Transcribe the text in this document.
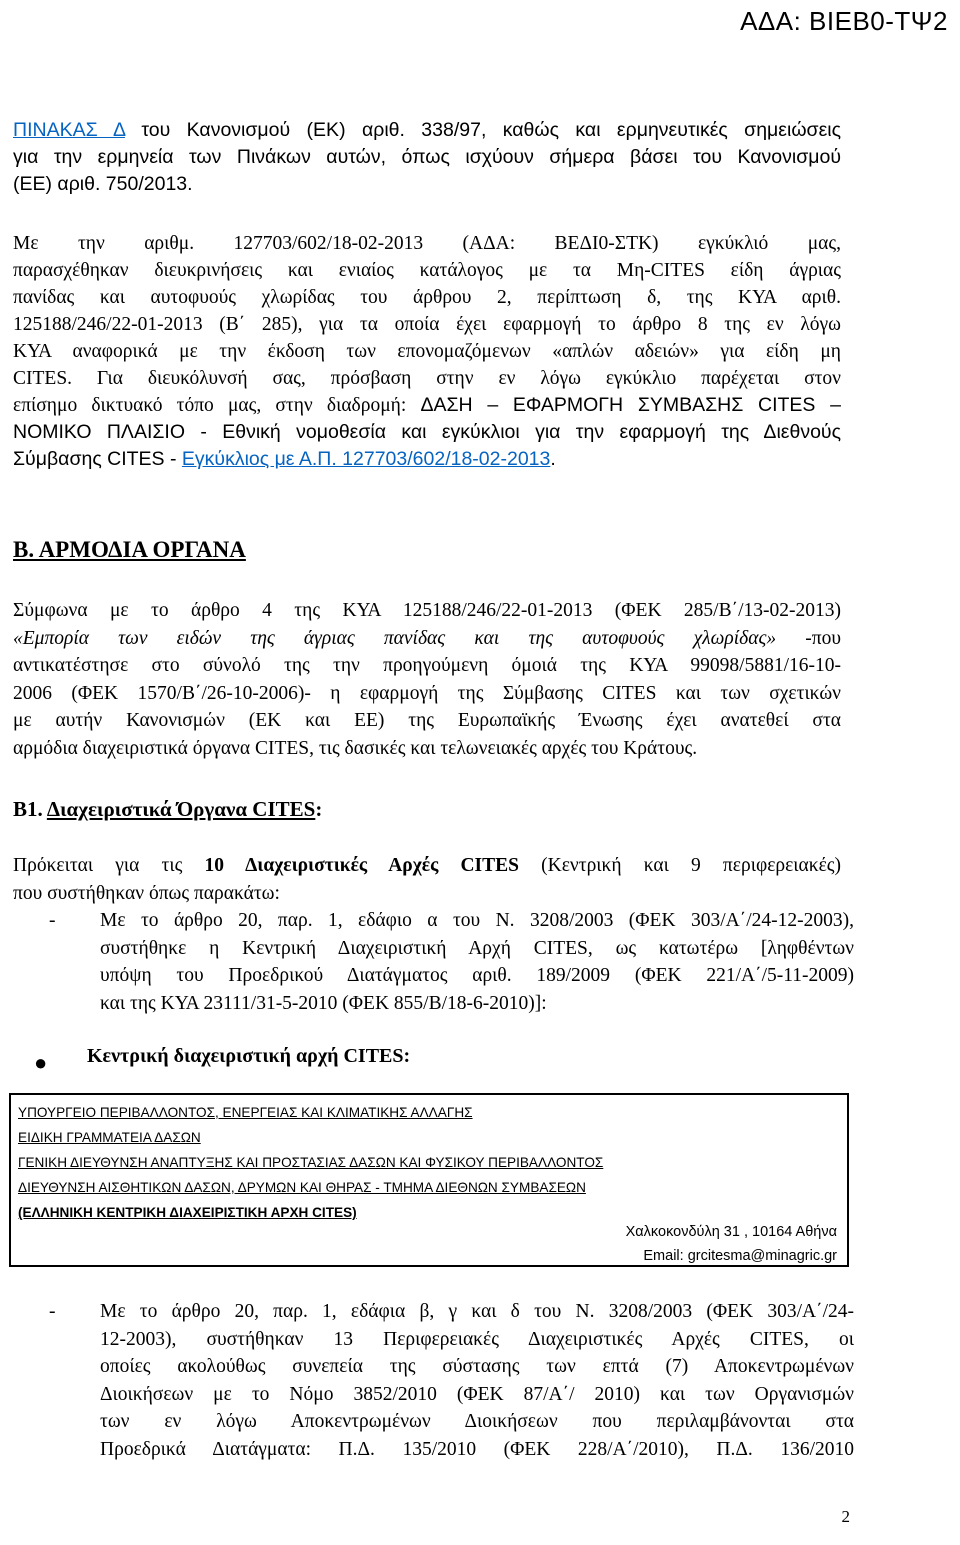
ΑΔΑ: ΒΙΕΒ0-ΤΨ2
ΠΙΝΑΚΑΣ Δ του Κανονισμού (ΕΚ) αριθ. 338/97, καθώς και ερμηνευτικές σημειώσεις
για την ερμηνεία των Πινάκων αυτών, όπως ισχύουν σήμερα βάσει του Κανονισμού
(ΕΕ) αριθ. 750/2013.
Με την αριθμ. 127703/602/18-02-2013 (ΑΔΑ: ΒΕΔΙ0-ΣΤΚ) εγκύκλιό μας,
παρασχέθηκαν διευκρινήσεις και ενιαίος κατάλογος με τα Μη-CITES είδη άγριας
πανίδας και αυτοφυούς χλωρίδας του άρθρου 2, περίπτωση δ, της ΚΥΑ αριθ.
125188/246/22-01-2013 (Β΄ 285), για τα οποία έχει εφαρμογή το άρθρο 8 της εν λόγω
ΚΥΑ αναφορικά με την έκδοση των επονομαζόμενων «απλών αδειών» για είδη μη
CITES. Για διευκόλυνσή σας, πρόσβαση στην εν λόγω εγκύκλιο παρέχεται στον
επίσημο δικτυακό τόπο μας, στην διαδρομή: ΔΑΣΗ – ΕΦΑΡΜΟΓΗ ΣΥΜΒΑΣΗΣ CITES –
ΝΟΜΙΚΟ ΠΛΑΙΣΙΟ - Εθνική νομοθεσία και εγκύκλιοι για την εφαρμογή της Διεθνούς
Σύμβασης CITES - Εγκύκλιος με Α.Π. 127703/602/18-02-2013.
Β. ΑΡΜΟΔΙΑ ΟΡΓΑΝΑ
Σύμφωνα με το άρθρο 4 της ΚΥΑ 125188/246/22-01-2013 (ΦΕΚ 285/Β΄/13-02-2013)
«Εμπορία των ειδών της άγριας πανίδας και της αυτοφυούς χλωρίδας» -που
αντικατέστησε στο σύνολό της την προηγούμενη όμοιά της ΚΥΑ 99098/5881/16-10-
2006 (ΦΕΚ 1570/Β΄/26-10-2006)- η εφαρμογή της Σύμβασης CITES και των σχετικών
με αυτήν Κανονισμών (ΕΚ και ΕΕ) της Ευρωπαϊκής Ένωσης έχει ανατεθεί στα
αρμόδια διαχειριστικά όργανα CITES, τις δασικές και τελωνειακές αρχές του Κράτους.
Β1. Διαχειριστικά Όργανα CITES:
Πρόκειται για τις 10 Διαχειριστικές Αρχές CITES (Κεντρική και 9 περιφερειακές)
που συστήθηκαν όπως παρακάτω:
- Με το άρθρο 20, παρ. 1, εδάφιο α του Ν. 3208/2003 (ΦΕΚ 303/Α΄/24-12-2003),
συστήθηκε η Κεντρική Διαχειριστική Αρχή CITES, ως κατωτέρω [ληφθέντων
υπόψη του Προεδρικού Διατάγματος αριθ. 189/2009 (ΦΕΚ 221/Α΄/5-11-2009)
και της ΚΥΑ 23111/31-5-2010 (ΦΕΚ 855/Β/18-6-2010)]:
● Κεντρική διαχειριστική αρχή CITES:
ΥΠΟΥΡΓΕΙΟ ΠΕΡΙΒΑΛΛΟΝΤΟΣ, ΕΝΕΡΓΕΙΑΣ ΚΑΙ ΚΛΙΜΑΤΙΚΗΣ ΑΛΛΑΓΗΣ
ΕΙΔΙΚΗ ΓΡΑΜΜΑΤΕΙΑ ΔΑΣΩΝ
ΓΕΝΙΚΗ ΔΙΕΥΘΥΝΣΗ ΑΝΑΠΤΥΞΗΣ ΚΑΙ ΠΡΟΣΤΑΣΙΑΣ ΔΑΣΩΝ ΚΑΙ ΦΥΣΙΚΟΥ ΠΕΡΙΒΑΛΛΟΝΤΟΣ
ΔΙΕΥΘΥΝΣΗ ΑΙΣΘΗΤΙΚΩΝ ΔΑΣΩΝ, ΔΡΥΜΩΝ ΚΑΙ ΘΗΡΑΣ - ΤΜΗΜΑ ΔΙΕΘΝΩΝ ΣΥΜΒΑΣΕΩΝ
(ΕΛΛΗΝΙΚΗ ΚΕΝΤΡΙΚΗ ΔΙΑΧΕΙΡΙΣΤΙΚΗ ΑΡΧΗ CITES)
Χαλκοκονδύλη 31 , 10164 Αθήνα
Email: grcitesma@minagric.gr
- Με το άρθρο 20, παρ. 1, εδάφια β, γ και δ του Ν. 3208/2003 (ΦΕΚ 303/Α΄/24-
12-2003), συστήθηκαν 13 Περιφερειακές Διαχειριστικές Αρχές CITES, οι
οποίες ακολούθως συνεπεία της σύστασης των επτά (7) Αποκεντρωμένων
Διοικήσεων με το Νόμο 3852/2010 (ΦΕΚ 87/Α΄/ 2010) και των Οργανισμών
των εν λόγω Αποκεντρωμένων Διοικήσεων που περιλαμβάνονται στα
Προεδρικά Διατάγματα: Π.Δ. 135/2010 (ΦΕΚ 228/Α΄/2010), Π.Δ. 136/2010
2
